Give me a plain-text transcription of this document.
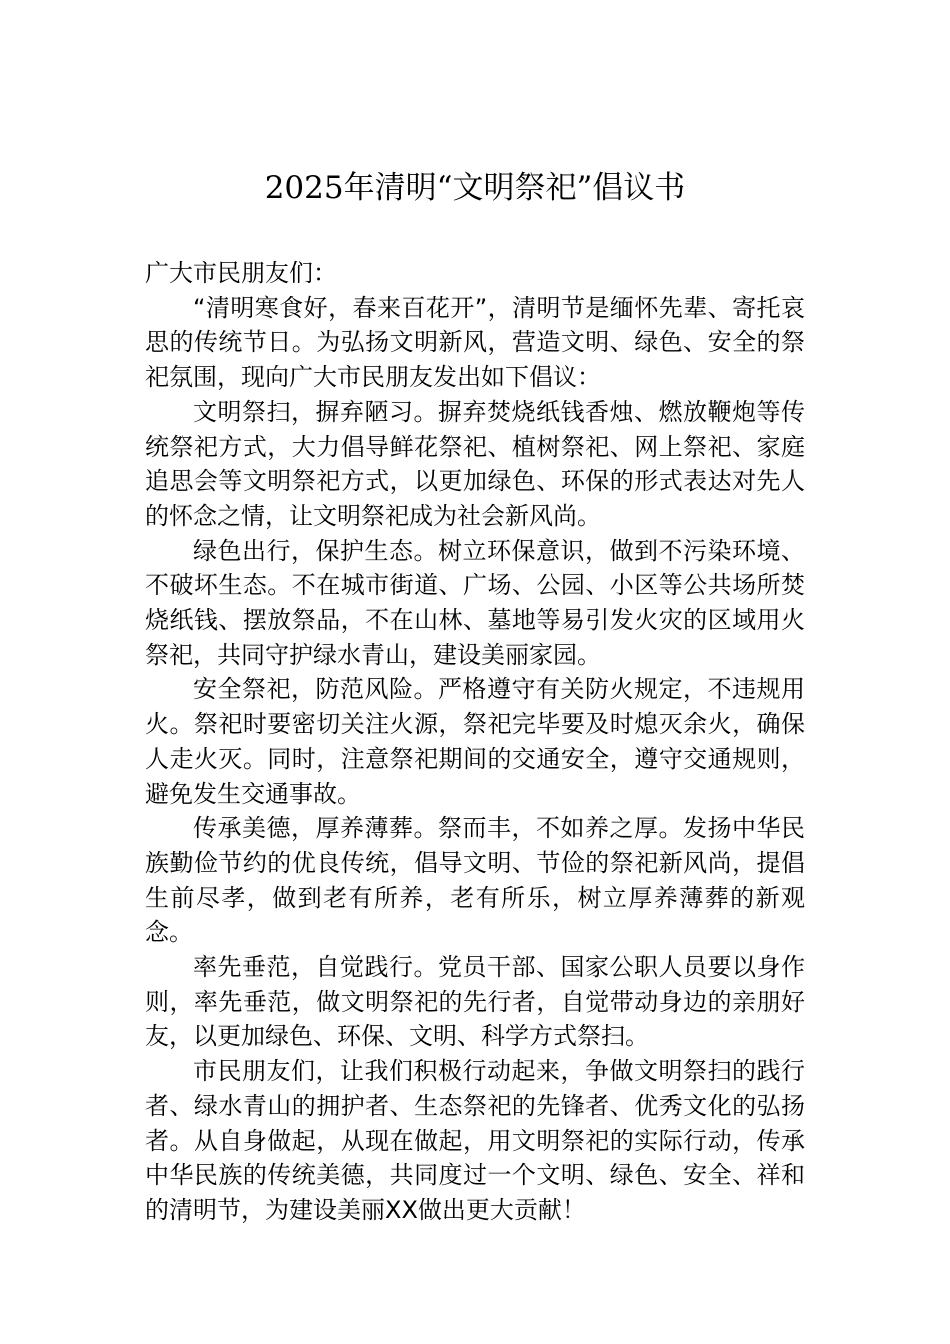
2025年清明“文明祭祀”倡议书

广大市民朋友们：

“清明寒食好，春来百花开”，清明节是缅怀先辈、寄托哀思的传统节日。为弘扬文明新风，营造文明、绿色、安全的祭祀氛围，现向广大市民朋友发出如下倡议：

文明祭扫，摒弃陋习。摒弃焚烧纸钱香烛、燃放鞭炮等传统祭祀方式，大力倡导鲜花祭祀、植树祭祀、网上祭祀、家庭追思会等文明祭祀方式，以更加绿色、环保的形式表达对先人的怀念之情，让文明祭祀成为社会新风尚。

绿色出行，保护生态。树立环保意识，做到不污染环境、不破坏生态。不在城市街道、广场、公园、小区等公共场所焚烧纸钱、摆放祭品，不在山林、墓地等易引发火灾的区域用火祭祀，共同守护绿水青山，建设美丽家园。

安全祭祀，防范风险。严格遵守有关防火规定，不违规用火。祭祀时要密切关注火源，祭祀完毕要及时熄灭余火，确保人走火灭。同时，注意祭祀期间的交通安全，遵守交通规则，避免发生交通事故。

传承美德，厚养薄葬。祭而丰，不如养之厚。发扬中华民族勤俭节约的优良传统，倡导文明、节俭的祭祀新风尚，提倡生前尽孝，做到老有所养，老有所乐，树立厚养薄葬的新观念。

率先垂范，自觉践行。党员干部、国家公职人员要以身作则，率先垂范，做文明祭祀的先行者，自觉带动身边的亲朋好友，以更加绿色、环保、文明、科学方式祭扫。

市民朋友们，让我们积极行动起来，争做文明祭扫的践行者、绿水青山的拥护者、生态祭祀的先锋者、优秀文化的弘扬者。从自身做起，从现在做起，用文明祭祀的实际行动，传承中华民族的传统美德，共同度过一个文明、绿色、安全、祥和的清明节，为建设美丽XX做出更大贡献！
